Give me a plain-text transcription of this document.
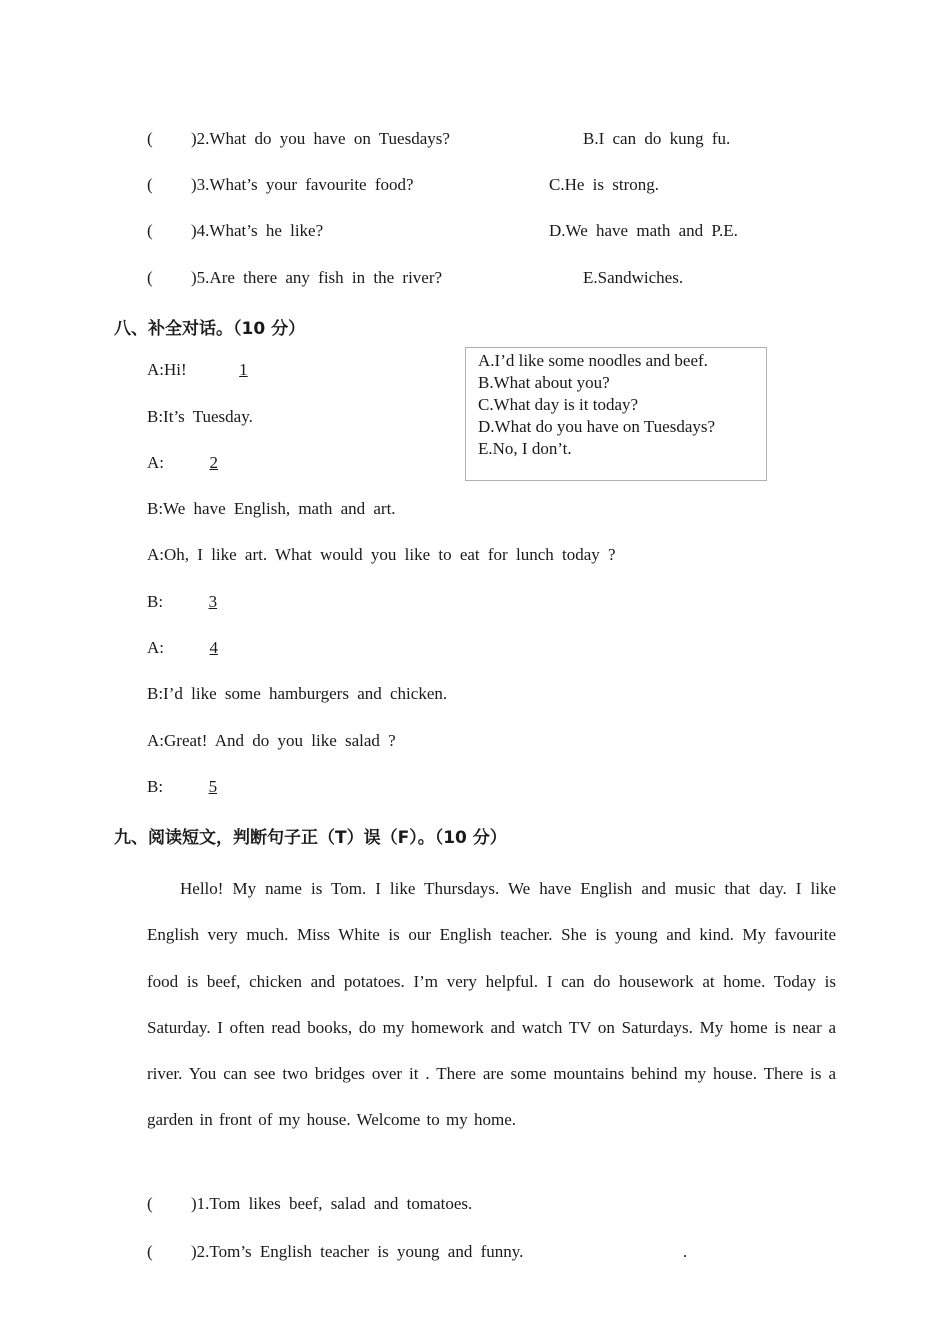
( )2.What do you have on Tuesdays?	B.I can do kung fu.
( )3.What’s your favourite food?	C.He is strong.
( )4.What’s he like?	D.We have math and P.E.
( )5.Are there any fish in the river?	E.Sandwiches.
八、补全对话。（10 分）
A.I’d like some noodles and beef.
B.What about you?
C.What day is it today?
D.What do you have on Tuesdays?
E.No, I don’t.
A:Hi!	1
B:It’s Tuesday.
A:	2
B:We have English, math and art.
A:Oh, I like art. What would you like to eat for lunch today ?
B:	3
A:	4
B:I’d like some hamburgers and chicken.
A:Great! And do you like salad ?
B:	5
九、阅读短文，判断句子正（T）误（F）。（10 分）
Hello! My name is Tom. I like Thursdays. We have English and music that day. I like English very much. Miss White is our English teacher. She is young and kind. My favourite food is beef, chicken and potatoes. I’m very helpful. I can do housework at home. Today is Saturday. I often read books, do my homework and watch TV on Saturdays. My home is near a river. You can see two bridges over it . There are some mountains behind my house. There is a garden in front of my house. Welcome to my home.
( )1.Tom likes beef, salad and tomatoes.
( )2.Tom’s English teacher is young and funny.	.
